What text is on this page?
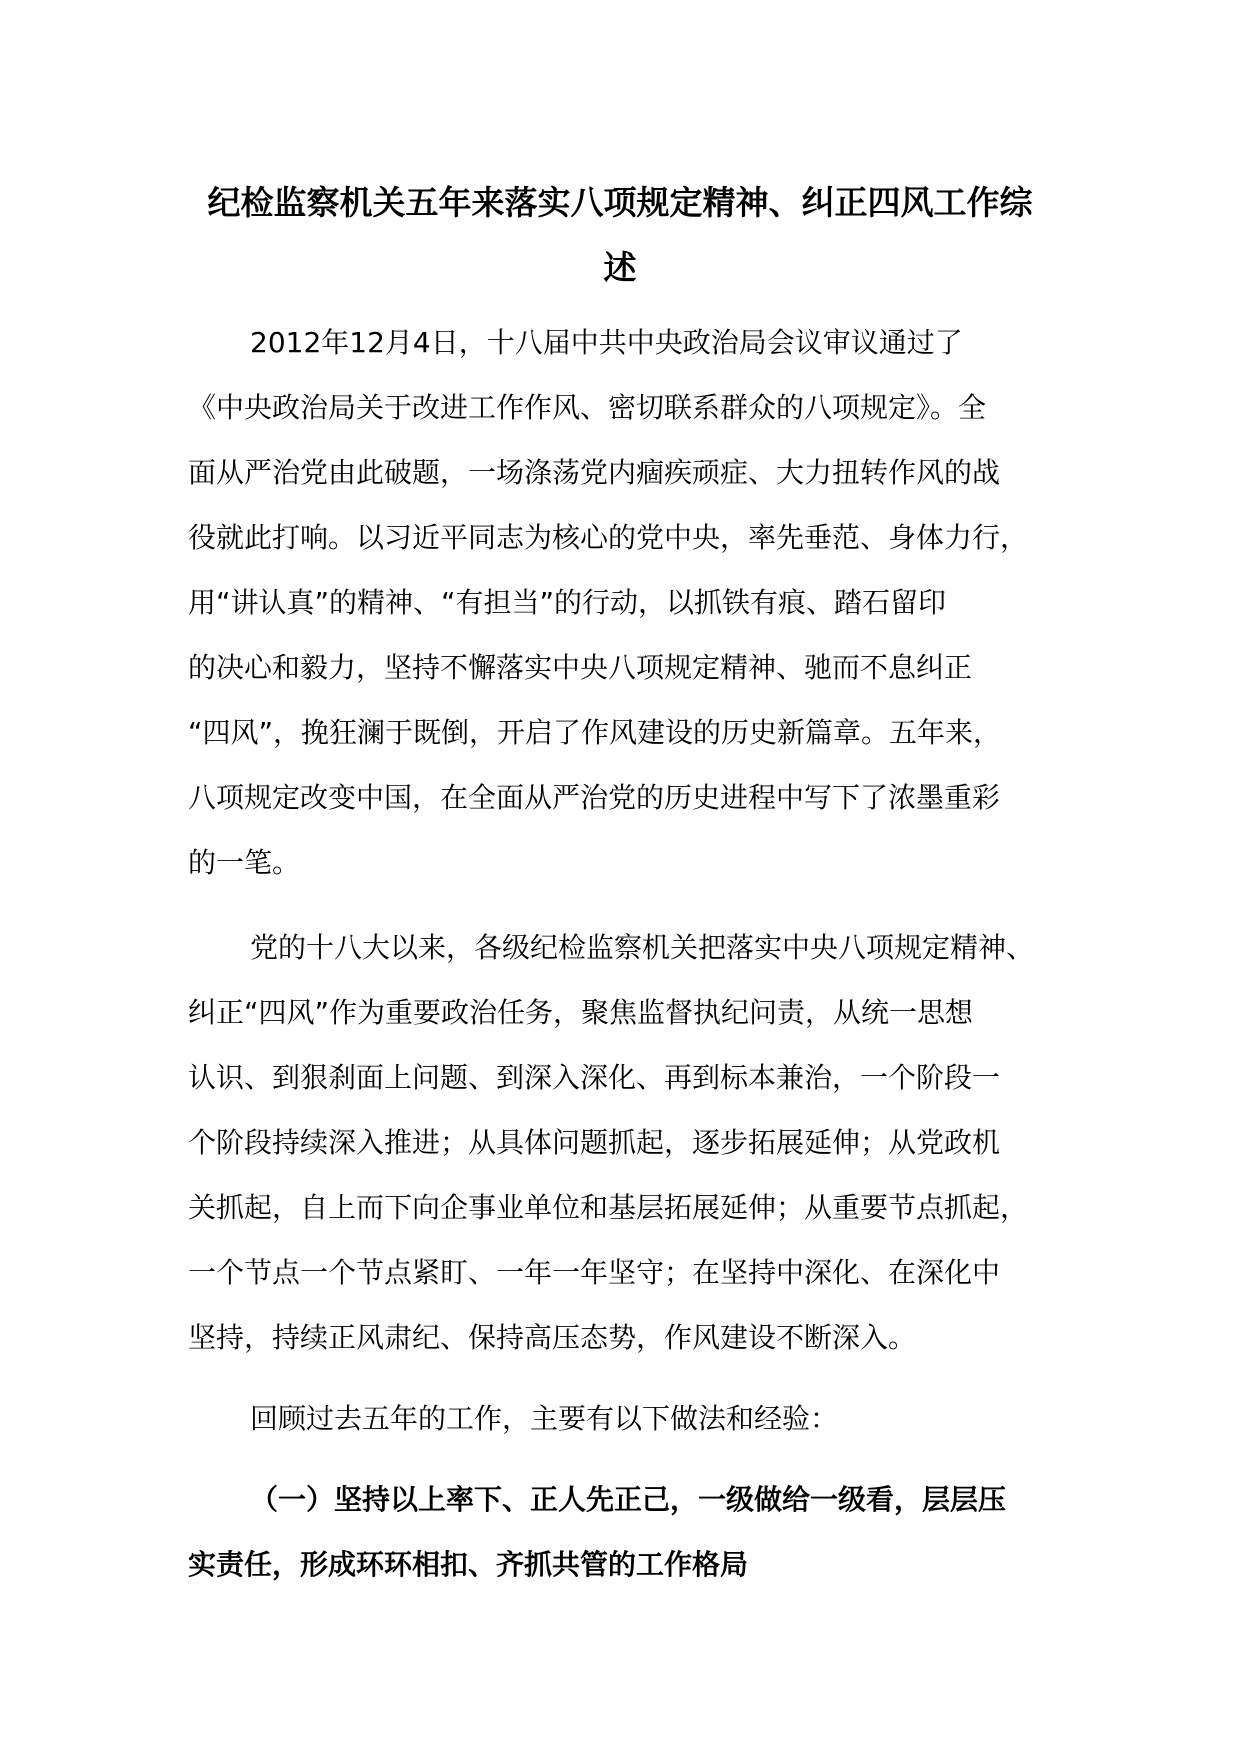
纪检监察机关五年来落实八项规定精神、纠正四风工作综
述
2012年12月4日，十八届中共中央政治局会议审议通过了
《中央政治局关于改进工作作风、密切联系群众的八项规定》。全
面从严治党由此破题，一场涤荡党内痼疾顽症、大力扭转作风的战
役就此打响。以习近平同志为核心的党中央，率先垂范、身体力行，
用“讲认真”的精神、“有担当”的行动，以抓铁有痕、踏石留印
的决心和毅力，坚持不懈落实中央八项规定精神、驰而不息纠正
“四风”，挽狂澜于既倒，开启了作风建设的历史新篇章。五年来，
八项规定改变中国，在全面从严治党的历史进程中写下了浓墨重彩
的一笔。
党的十八大以来，各级纪检监察机关把落实中央八项规定精神、
纠正“四风”作为重要政治任务，聚焦监督执纪问责，从统一思想
认识、到狠刹面上问题、到深入深化、再到标本兼治，一个阶段一
个阶段持续深入推进；从具体问题抓起，逐步拓展延伸；从党政机
关抓起，自上而下向企事业单位和基层拓展延伸；从重要节点抓起，
一个节点一个节点紧盯、一年一年坚守；在坚持中深化、在深化中
坚持，持续正风肃纪、保持高压态势，作风建设不断深入。
回顾过去五年的工作，主要有以下做法和经验：
（一）坚持以上率下、正人先正己，一级做给一级看，层层压
实责任，形成环环相扣、齐抓共管的工作格局
